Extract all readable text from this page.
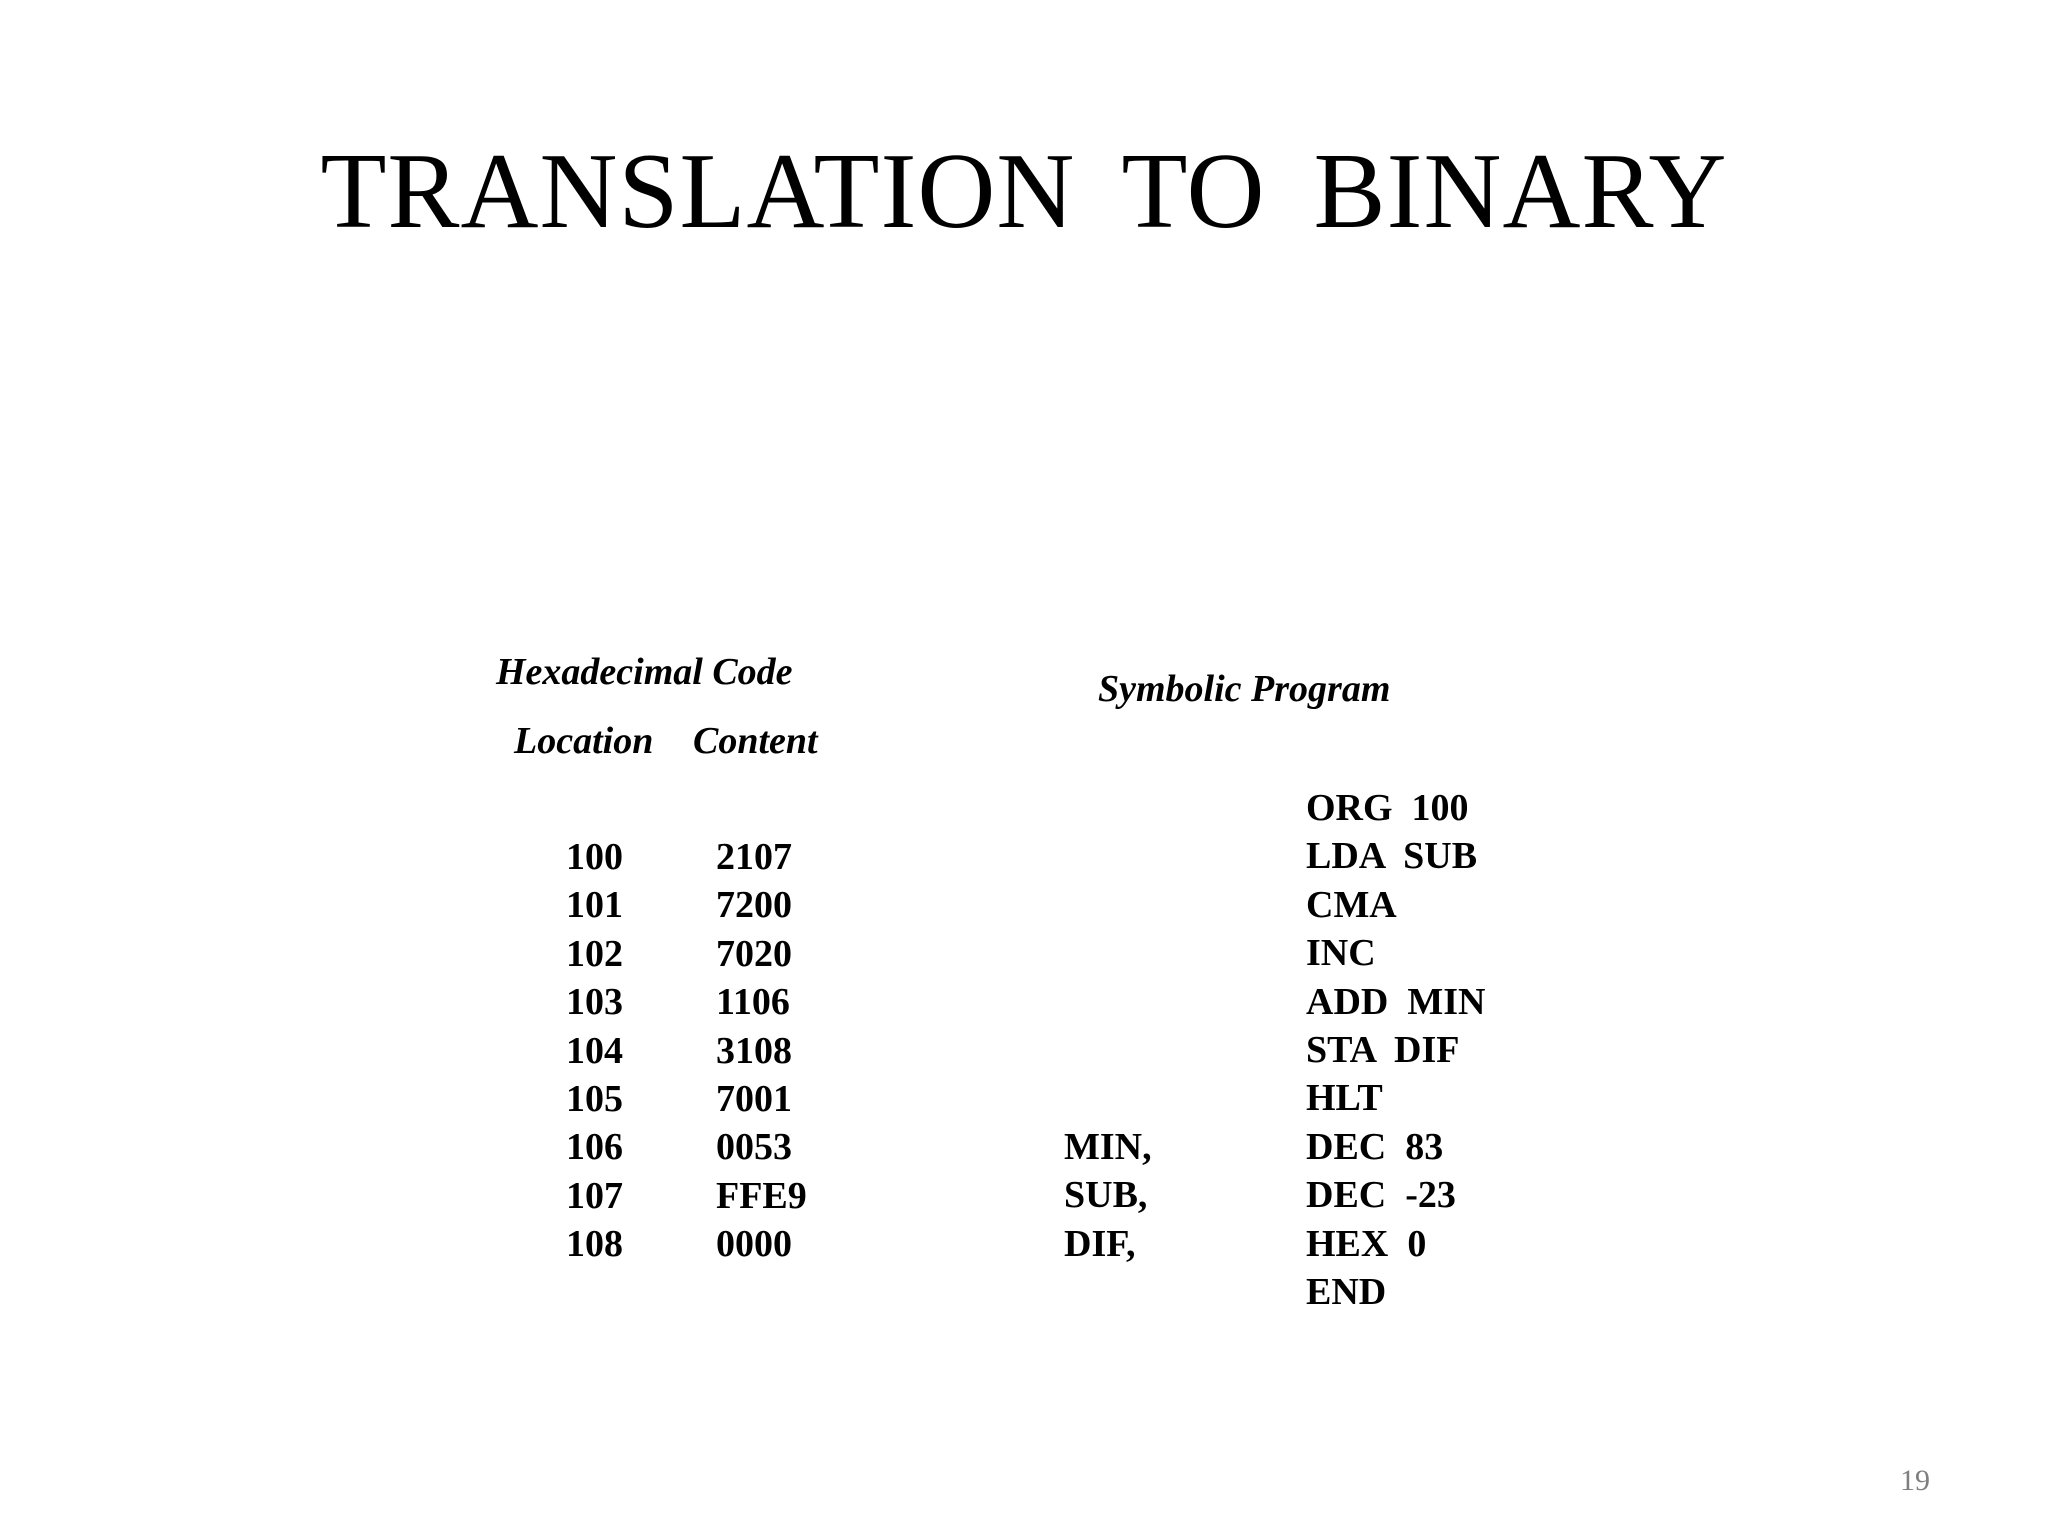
TRANSLATION TO BINARY
Hexadecimal Code	Symbolic Program
Location Content
100
101
102
103
104
105
106
107
108
2107
7200
7020
1106
3108
7001
0053
FFE9
0000
MIN,
SUB,
DIF,
ORG  100
LDA  SUB
CMA
INC
ADD  MIN
STA  DIF
HLT
DEC  83
DEC  -23
HEX  0
END
19
